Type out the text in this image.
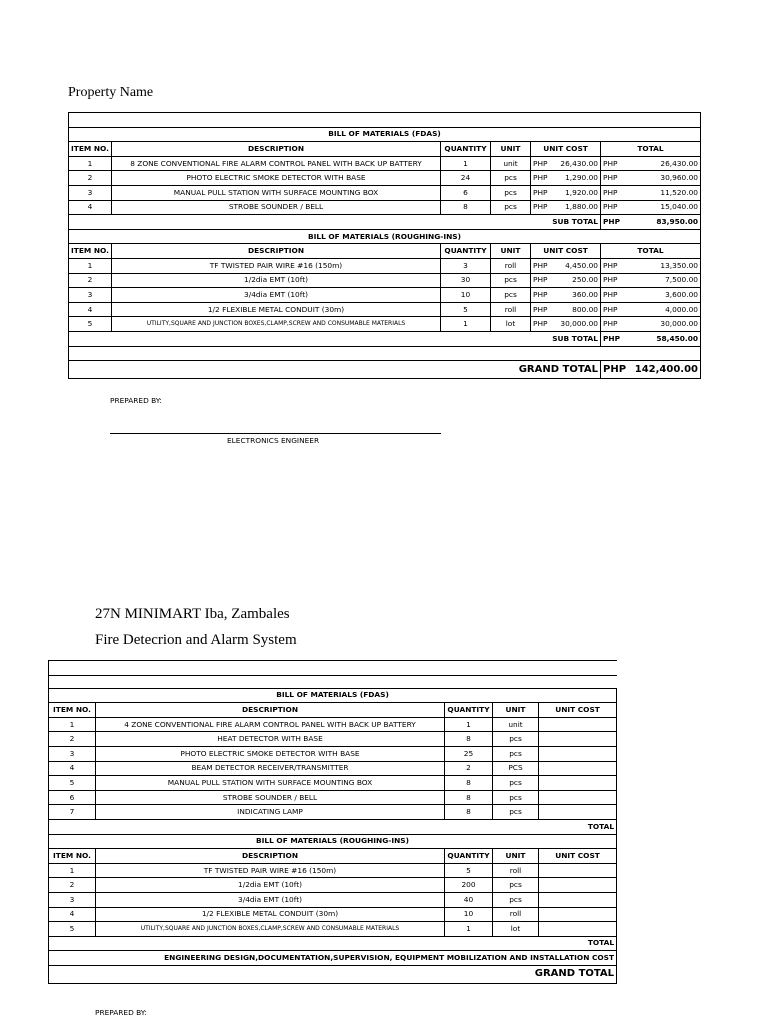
Property Name

BILL OF MATERIALS (FDAS)							
ITEM NO.	DESCRIPTION	QUANTITY	UNIT	UNIT COST		TOTAL	
1	8 ZONE CONVENTIONAL FIRE ALARM CONTROL PANEL WITH BACK UP BATTERY	1	unit	PHP	26,430.00	PHP	26,430.00
2	PHOTO ELECTRIC SMOKE DETECTOR WITH BASE	24	pcs	PHP	1,290.00	PHP	30,960.00
3	MANUAL PULL STATION WITH SURFACE MOUNTING BOX	6	pcs	PHP	1,920.00	PHP	11,520.00
4	STROBE SOUNDER / BELL	8	pcs	PHP	1,880.00	PHP	15,040.00
SUB TOTAL						PHP	83,950.00
BILL OF MATERIALS (ROUGHING-INS)							
ITEM NO.	DESCRIPTION	QUANTITY	UNIT	UNIT COST		TOTAL	
1	TF TWISTED PAIR WIRE #16 (150m)	3	roll	PHP	4,450.00	PHP	13,350.00
2	1/2dia EMT (10ft)	30	pcs	PHP	250.00	PHP	7,500.00
3	3/4dia EMT (10ft)	10	pcs	PHP	360.00	PHP	3,600.00
4	1/2 FLEXIBLE METAL CONDUIT (30m)	5	roll	PHP	800.00	PHP	4,000.00
5	UTILITY,SQUARE AND JUNCTION BOXES,CLAMP,SCREW AND CONSUMABLE MATERIALS	1	lot	PHP	30,000.00	PHP	30,000.00
SUB TOTAL						PHP	58,450.00

GRAND TOTAL						PHP	142,400.00
PREPARED BY:
ELECTRONICS ENGINEER
27N MINIMART Iba, Zambales
Fire Detecrion and Alarm System

BILL OF MATERIALS (FDAS)				
ITEM NO.	DESCRIPTION	QUANTITY	UNIT	UNIT COST
1	4 ZONE CONVENTIONAL FIRE ALARM CONTROL PANEL WITH BACK UP BATTERY	1	unit	
2	HEAT DETECTOR WITH BASE	8	pcs	
3	PHOTO ELECTRIC SMOKE DETECTOR WITH BASE	25	pcs	
4	BEAM DETECTOR RECEIVER/TRANSMITTER	2	PCS	
5	MANUAL PULL STATION WITH SURFACE MOUNTING BOX	8	pcs	
6	STROBE SOUNDER / BELL	8	pcs	
7	INDICATING LAMP	8	pcs	
TOTAL				
BILL OF MATERIALS (ROUGHING-INS)				
ITEM NO.	DESCRIPTION	QUANTITY	UNIT	UNIT COST
1	TF TWISTED PAIR WIRE #16 (150m)	5	roll	
2	1/2dia EMT (10ft)	200	pcs	
3	3/4dia EMT (10ft)	40	pcs	
4	1/2 FLEXIBLE METAL CONDUIT (30m)	10	roll	
5	UTILITY,SQUARE AND JUNCTION BOXES,CLAMP,SCREW AND CONSUMABLE MATERIALS	1	lot	
TOTAL				
ENGINEERING DESIGN,DOCUMENTATION,SUPERVISION, EQUIPMENT MOBILIZATION AND INSTALLATION COST				
GRAND TOTAL				
PREPARED BY:
